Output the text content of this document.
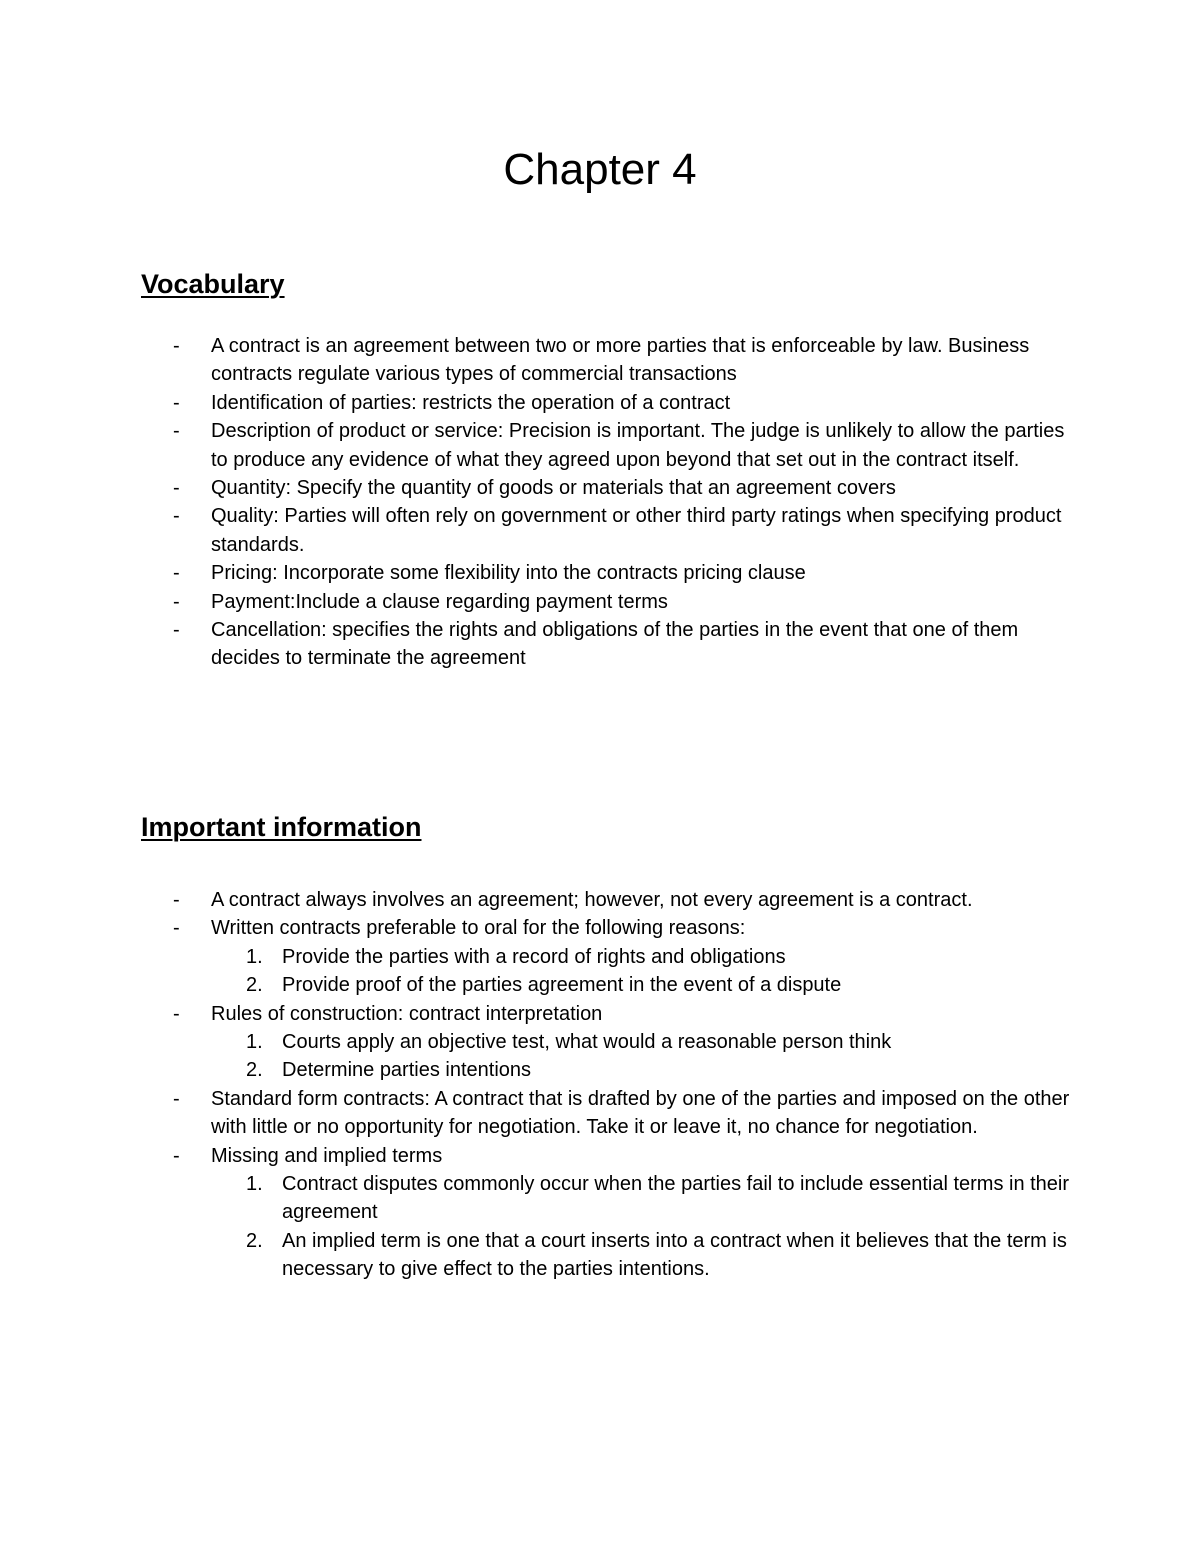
Chapter 4
Vocabulary
- A contract is an agreement between two or more parties that is enforceable by law. Business contracts regulate various types of commercial transactions
- Identification of parties: restricts the operation of a contract
- Description of product or service: Precision is important. The judge is unlikely to allow the parties to produce any evidence of what they agreed upon beyond that set out in the contract itself.
- Quantity: Specify the quantity of goods or materials that an agreement covers
- Quality: Parties will often rely on government or other third party ratings when specifying product standards.
- Pricing: Incorporate some flexibility into the contracts pricing clause
- Payment:Include a clause regarding payment terms
- Cancellation: specifies the rights and obligations of the parties in the event that one of them decides to terminate the agreement
Important information
- A contract always involves an agreement; however, not every agreement is a contract.
- Written contracts preferable to oral for the following reasons:
1. Provide the parties with a record of rights and obligations
2. Provide proof of the parties agreement in the event of a dispute
- Rules of construction: contract interpretation
1. Courts apply an objective test, what would a reasonable person think
2. Determine parties intentions
- Standard form contracts: A contract that is drafted by one of the parties and imposed on the other with little or no opportunity for negotiation. Take it or leave it, no chance for negotiation.
- Missing and implied terms
1. Contract disputes commonly occur when the parties fail to include essential terms in their agreement
2. An implied term is one that a court inserts into a contract when it believes that the term is necessary to give effect to the parties intentions.
